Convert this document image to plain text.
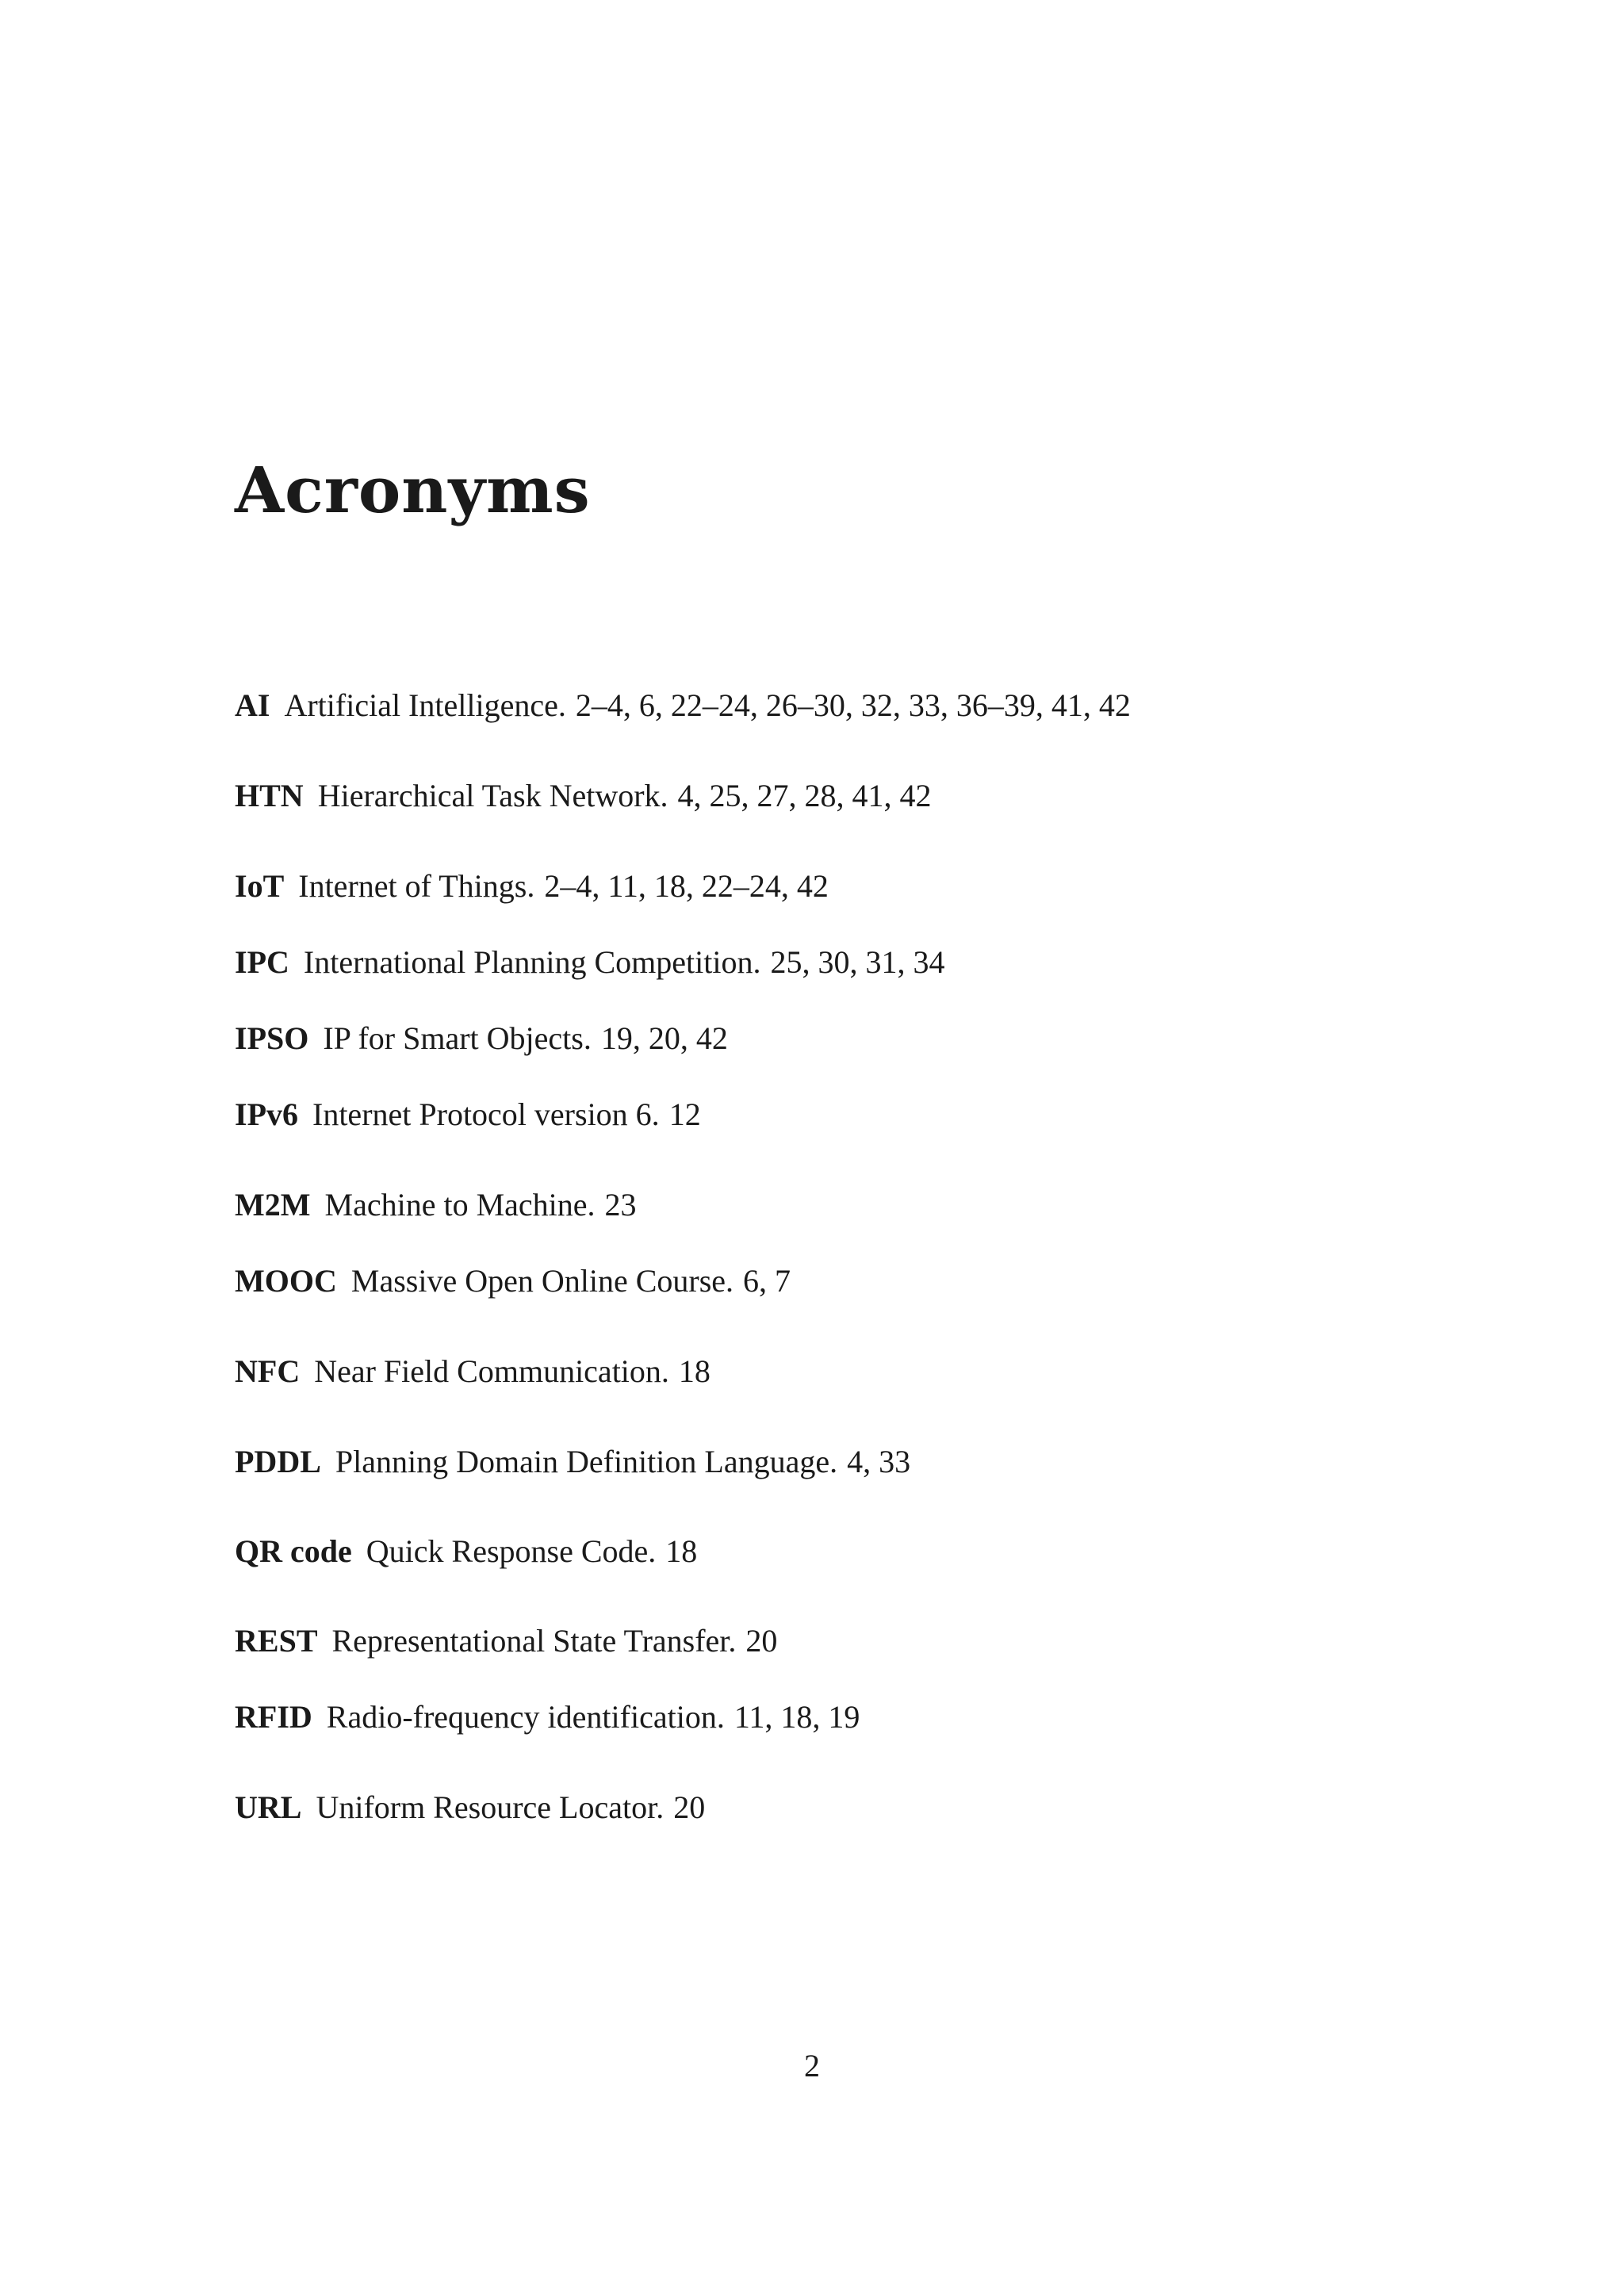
Acronyms
AI Artificial Intelligence. 2–4, 6, 22–24, 26–30, 32, 33, 36–39, 41, 42
HTN Hierarchical Task Network. 4, 25, 27, 28, 41, 42
IoT Internet of Things. 2–4, 11, 18, 22–24, 42
IPC International Planning Competition. 25, 30, 31, 34
IPSO IP for Smart Objects. 19, 20, 42
IPv6 Internet Protocol version 6. 12
M2M Machine to Machine. 23
MOOC Massive Open Online Course. 6, 7
NFC Near Field Communication. 18
PDDL Planning Domain Definition Language. 4, 33
QR code Quick Response Code. 18
REST Representational State Transfer. 20
RFID Radio-frequency identification. 11, 18, 19
URL Uniform Resource Locator. 20
2
